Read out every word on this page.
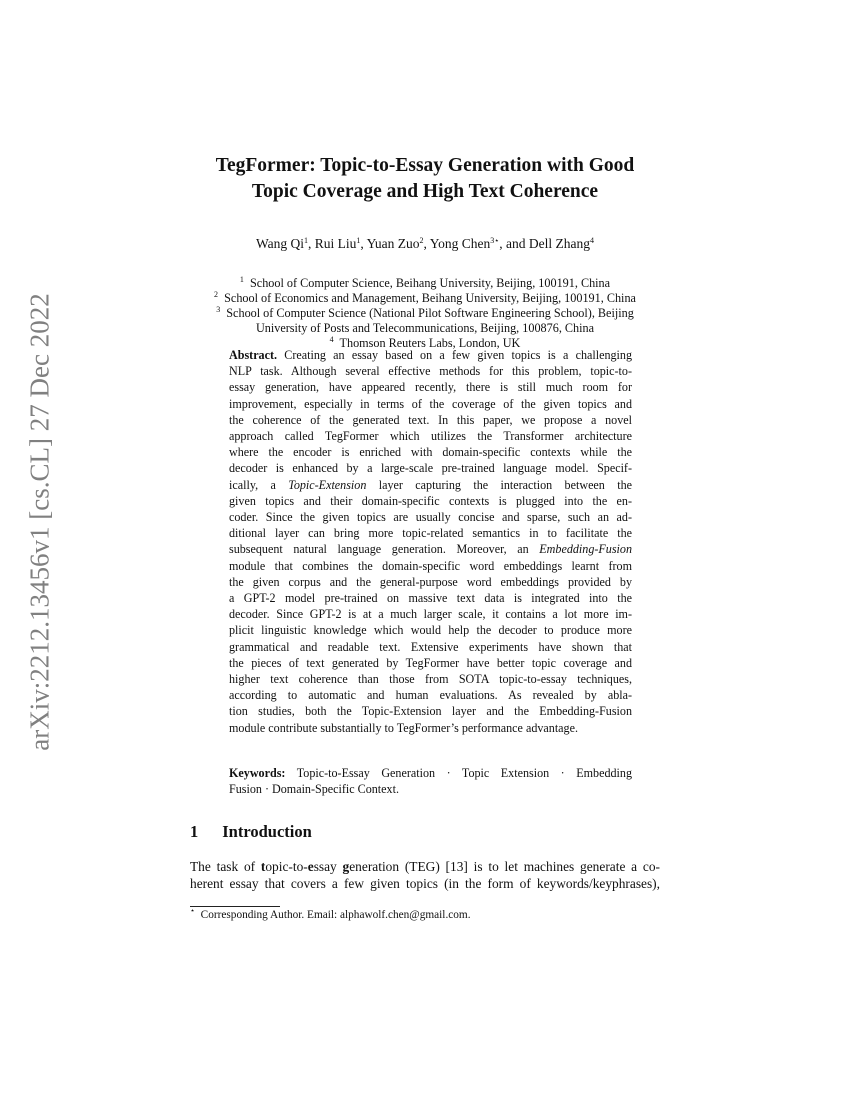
arXiv:2212.13456v1 [cs.CL] 27 Dec 2022
TegFormer: Topic-to-Essay Generation with Good
Topic Coverage and High Text Coherence
Wang Qi$^1$, Rui Liu$^1$, Yuan Zuo$^2$, Yong Chen$^{3⋆}$, and Dell Zhang$^4$
$^1$ School of Computer Science, Beihang University, Beijing, 100191, China
$^2$ School of Economics and Management, Beihang University, Beijing, 100191, China
$^3$ School of Computer Science (National Pilot Software Engineering School), Beijing
University of Posts and Telecommunications, Beijing, 100876, China
$^4$ Thomson Reuters Labs, London, UK
Abstract. Creating an essay based on a few given topics is a challenging
NLP task. Although several effective methods for this problem, topic-to-
essay generation, have appeared recently, there is still much room for
improvement, especially in terms of the coverage of the given topics and
the coherence of the generated text. In this paper, we propose a novel
approach called TegFormer which utilizes the Transformer architecture
where the encoder is enriched with domain-specific contexts while the
decoder is enhanced by a large-scale pre-trained language model. Specif-
ically, a Topic-Extension layer capturing the interaction between the
given topics and their domain-specific contexts is plugged into the en-
coder. Since the given topics are usually concise and sparse, such an ad-
ditional layer can bring more topic-related semantics in to facilitate the
subsequent natural language generation. Moreover, an Embedding-Fusion
module that combines the domain-specific word embeddings learnt from
the given corpus and the general-purpose word embeddings provided by
a GPT-2 model pre-trained on massive text data is integrated into the
decoder. Since GPT-2 is at a much larger scale, it contains a lot more im-
plicit linguistic knowledge which would help the decoder to produce more
grammatical and readable text. Extensive experiments have shown that
the pieces of text generated by TegFormer have better topic coverage and
higher text coherence than those from SOTA topic-to-essay techniques,
according to automatic and human evaluations. As revealed by abla-
tion studies, both the Topic-Extension layer and the Embedding-Fusion
module contribute substantially to TegFormer’s performance advantage.
Keywords: Topic-to-Essay Generation · Topic Extension · Embedding
Fusion · Domain-Specific Context.
1 Introduction
The task of topic-to-essay generation (TEG) [13] is to let machines generate a co-
herent essay that covers a few given topics (in the form of keywords/keyphrases),
⋆ Corresponding Author. Email: alphawolf.chen@gmail.com.
